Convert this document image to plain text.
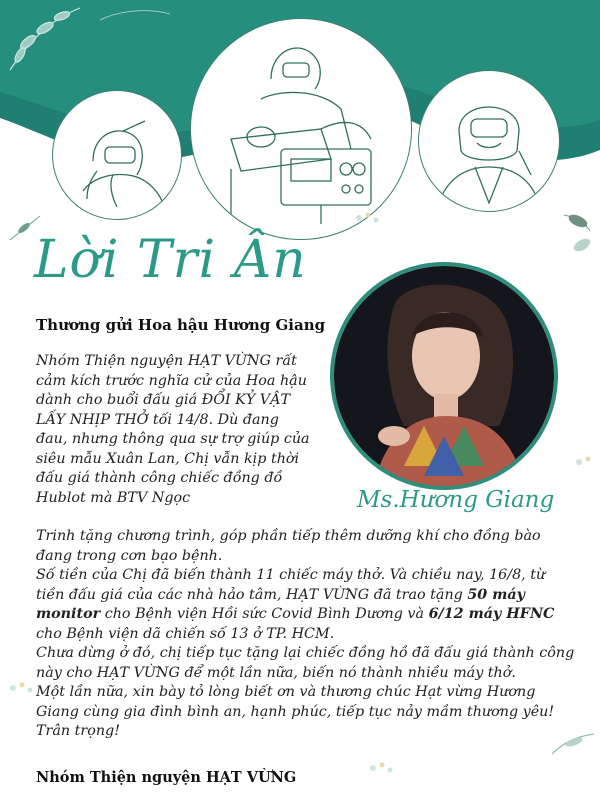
Lời Tri Ân
Thương gửi Hoa hậu Hương Giang
Ms.Hương Giang

Nhóm Thiện nguyện HẠT VỪNG rất cảm kích trước nghĩa cử của Hoa hậu dành cho buổi đấu giá ĐỔI KỶ VẬT LẤY NHỊP THỞ tối 14/8. Dù đang đau, nhưng thông qua sự trợ giúp của siêu mẫu Xuân Lan, Chị vẫn kịp thời đấu giá thành công chiếc đồng đồ Hublot mà BTV Ngọc

Trinh tặng chương trình, góp phần tiếp thêm dưỡng khí cho đồng bào đang trong cơn bạo bệnh.
Số tiền của Chị đã biến thành 11 chiếc máy thở. Và chiều nay, 16/8, từ tiền đấu giá của các nhà hảo tâm, HẠT VỪNG đã trao tặng 50 máy monitor cho Bệnh viện Hồi sức Covid Bình Dương và 6/12 máy HFNC cho Bệnh viện dã chiến số 13 ở TP. HCM.
Chưa dừng ở đó, chị tiếp tục tặng lại chiếc đồng hồ đã đấu giá thành công này cho HẠT VỪNG để một lần nữa, biến nó thành nhiều máy thở.
Một lần nữa, xin bày tỏ lòng biết ơn và thương chúc Hạt vừng Hương Giang cùng gia đình bình an, hạnh phúc, tiếp tục nảy mầm thương yêu!
Trân trọng!
Nhóm Thiện nguyện HẠT VỪNG
